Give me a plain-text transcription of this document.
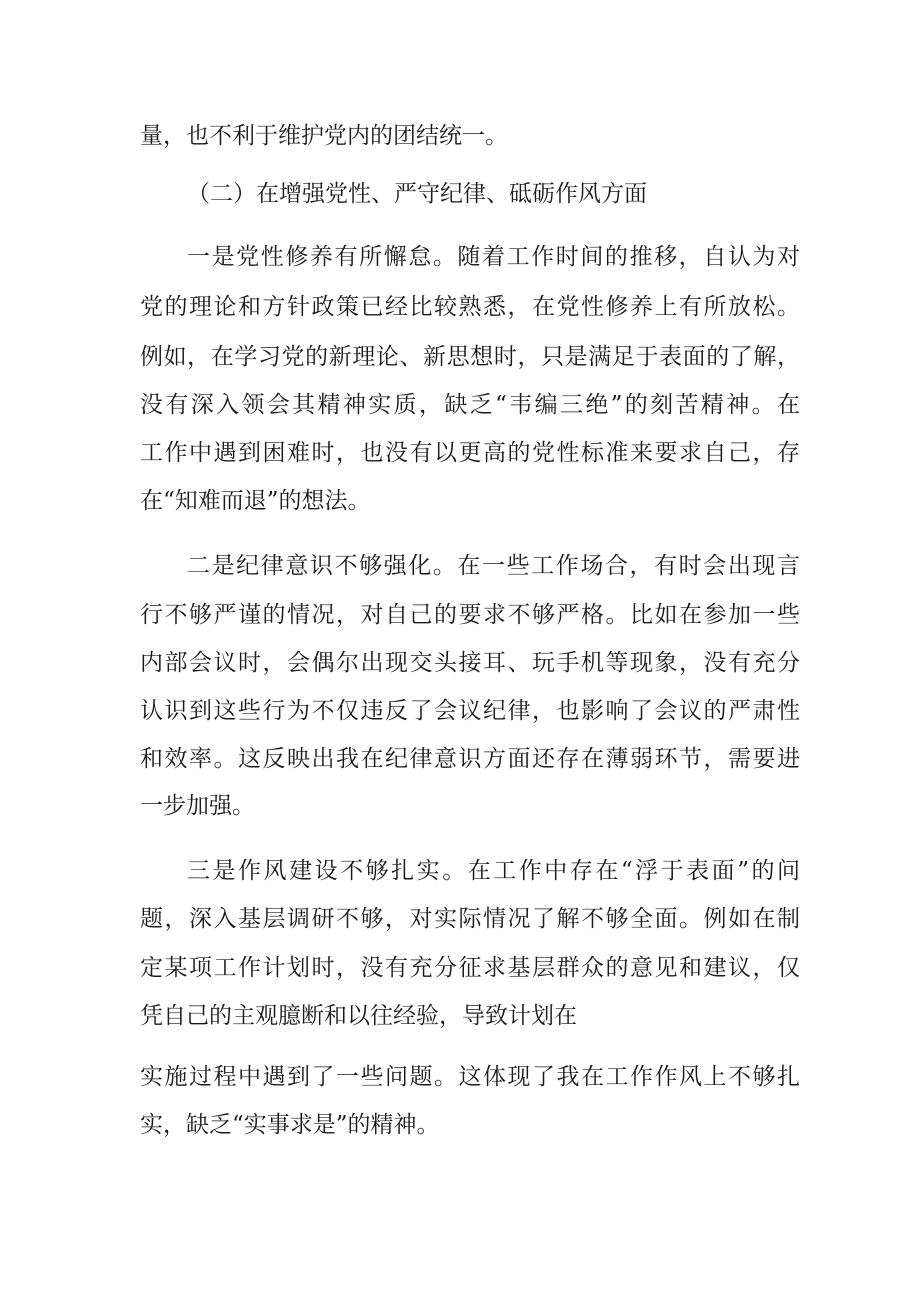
量，也不利于维护党内的团结统一。
（二）在增强党性、严守纪律、砥砺作风方面
一是党性修养有所懈怠。随着工作时间的推移，自认为对
党的理论和方针政策已经比较熟悉，在党性修养上有所放松。
例如，在学习党的新理论、新思想时，只是满足于表面的了解，
没有深入领会其精神实质，缺乏“韦编三绝”的刻苦精神。在
工作中遇到困难时，也没有以更高的党性标准来要求自己，存
在“知难而退”的想法。
二是纪律意识不够强化。在一些工作场合，有时会出现言
行不够严谨的情况，对自己的要求不够严格。比如在参加一些
内部会议时，会偶尔出现交头接耳、玩手机等现象，没有充分
认识到这些行为不仅违反了会议纪律，也影响了会议的严肃性
和效率。这反映出我在纪律意识方面还存在薄弱环节，需要进
一步加强。
三是作风建设不够扎实。在工作中存在“浮于表面”的问
题，深入基层调研不够，对实际情况了解不够全面。例如在制
定某项工作计划时，没有充分征求基层群众的意见和建议，仅
凭自己的主观臆断和以往经验，导致计划在
实施过程中遇到了一些问题。这体现了我在工作作风上不够扎
实，缺乏“实事求是”的精神。
